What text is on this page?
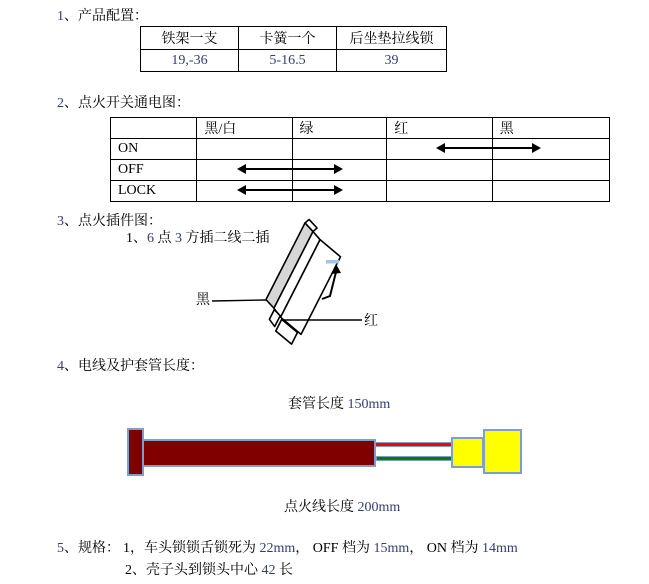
1、产品配置：
铁架一支	卡簧一个	后坐垫拉线锁
19,-36	5-16.5	39
2、点火开关通电图：
	黑/白	绿	红	黑
ON				
OFF				
LOCK				
3、点火插件图：
1、6 点 3 方插二线二插
黑
红
4、电线及护套管长度：
套管长度 150mm
点火线长度 200mm
5、规格： 1，车头锁锁舌锁死为 22mm， OFF 档为 15mm， ON 档为 14mm
2、壳子头到锁头中心 42 长
